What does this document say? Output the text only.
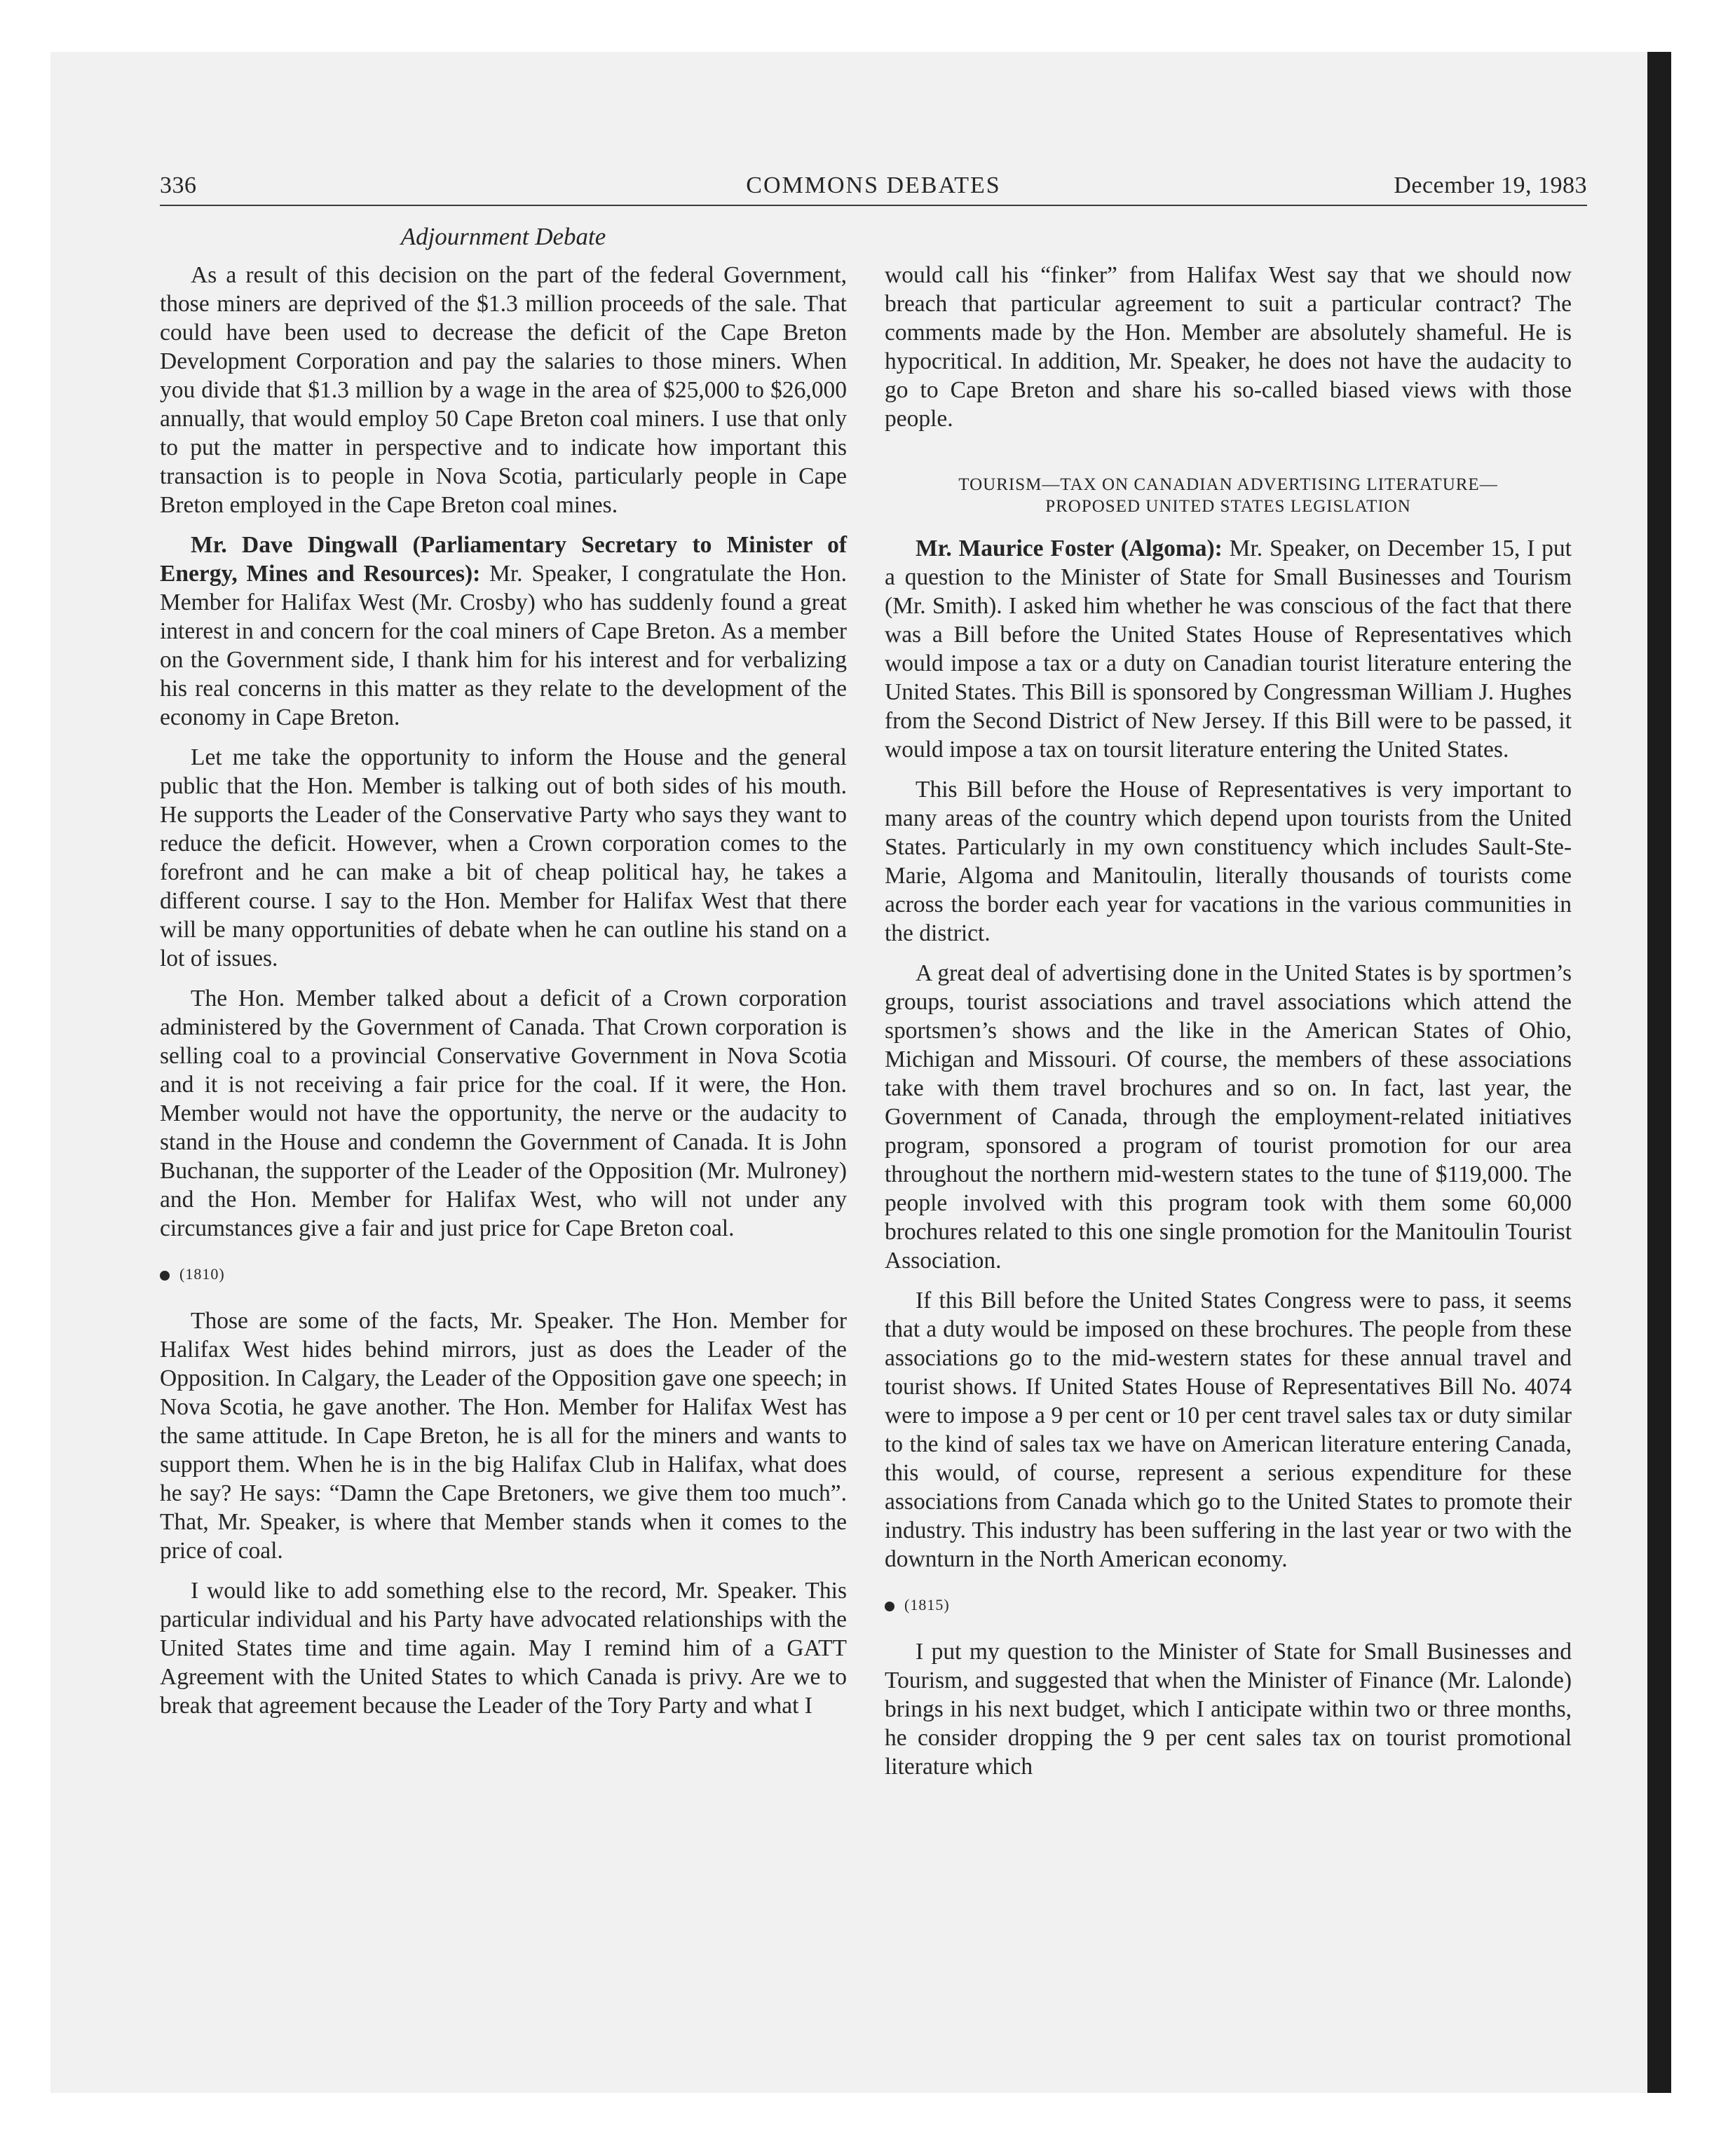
336	COMMONS DEBATES	December 19, 1983
Adjournment Debate

As a result of this decision on the part of the federal Government, those miners are deprived of the $1.3 million proceeds of the sale. That could have been used to decrease the deficit of the Cape Breton Development Corporation and pay the salaries to those miners. When you divide that $1.3 million by a wage in the area of $25,000 to $26,000 annually, that would employ 50 Cape Breton coal miners. I use that only to put the matter in perspective and to indicate how important this transaction is to people in Nova Scotia, particularly people in Cape Breton employed in the Cape Breton coal mines.

Mr. Dave Dingwall (Parliamentary Secretary to Minister of Energy, Mines and Resources): Mr. Speaker, I congratulate the Hon. Member for Halifax West (Mr. Crosby) who has suddenly found a great interest in and concern for the coal miners of Cape Breton. As a member on the Government side, I thank him for his interest and for verbalizing his real concerns in this matter as they relate to the development of the economy in Cape Breton.

Let me take the opportunity to inform the House and the general public that the Hon. Member is talking out of both sides of his mouth. He supports the Leader of the Conservative Party who says they want to reduce the deficit. However, when a Crown corporation comes to the forefront and he can make a bit of cheap political hay, he takes a different course. I say to the Hon. Member for Halifax West that there will be many opportunities of debate when he can outline his stand on a lot of issues.

The Hon. Member talked about a deficit of a Crown corporation administered by the Government of Canada. That Crown corporation is selling coal to a provincial Conservative Government in Nova Scotia and it is not receiving a fair price for the coal. If it were, the Hon. Member would not have the opportunity, the nerve or the audacity to stand in the House and condemn the Government of Canada. It is John Buchanan, the supporter of the Leader of the Opposition (Mr. Mulroney) and the Hon. Member for Halifax West, who will not under any circumstances give a fair and just price for Cape Breton coal.

(1810)

Those are some of the facts, Mr. Speaker. The Hon. Member for Halifax West hides behind mirrors, just as does the Leader of the Opposition. In Calgary, the Leader of the Opposition gave one speech; in Nova Scotia, he gave another. The Hon. Member for Halifax West has the same attitude. In Cape Breton, he is all for the miners and wants to support them. When he is in the big Halifax Club in Halifax, what does he say? He says: “Damn the Cape Bretoners, we give them too much”. That, Mr. Speaker, is where that Member stands when it comes to the price of coal.

I would like to add something else to the record, Mr. Speaker. This particular individual and his Party have advocated relationships with the United States time and time again. May I remind him of a GATT Agreement with the United States to which Canada is privy. Are we to break that agreement because the Leader of the Tory Party and what I

would call his “finker” from Halifax West say that we should now breach that particular agreement to suit a particular contract? The comments made by the Hon. Member are absolutely shameful. He is hypocritical. In addition, Mr. Speaker, he does not have the audacity to go to Cape Breton and share his so-called biased views with those people.

TOURISM—TAX ON CANADIAN ADVERTISING LITERATURE—
PROPOSED UNITED STATES LEGISLATION

Mr. Maurice Foster (Algoma): Mr. Speaker, on December 15, I put a question to the Minister of State for Small Businesses and Tourism (Mr. Smith). I asked him whether he was conscious of the fact that there was a Bill before the United States House of Representatives which would impose a tax or a duty on Canadian tourist literature entering the United States. This Bill is sponsored by Congressman William J. Hughes from the Second District of New Jersey. If this Bill were to be passed, it would impose a tax on toursit literature entering the United States.

This Bill before the House of Representatives is very important to many areas of the country which depend upon tourists from the United States. Particularly in my own constituency which includes Sault-Ste-Marie, Algoma and Manitoulin, literally thousands of tourists come across the border each year for vacations in the various communities in the district.

A great deal of advertising done in the United States is by sportmen’s groups, tourist associations and travel associations which attend the sportsmen’s shows and the like in the American States of Ohio, Michigan and Missouri. Of course, the members of these associations take with them travel brochures and so on. In fact, last year, the Government of Canada, through the employment-related initiatives program, sponsored a program of tourist promotion for our area throughout the northern mid-western states to the tune of $119,000. The people involved with this program took with them some 60,000 brochures related to this one single promotion for the Manitoulin Tourist Association.

If this Bill before the United States Congress were to pass, it seems that a duty would be imposed on these brochures. The people from these associations go to the mid-western states for these annual travel and tourist shows. If United States House of Representatives Bill No. 4074 were to impose a 9 per cent or 10 per cent travel sales tax or duty similar to the kind of sales tax we have on American literature entering Canada, this would, of course, represent a serious expenditure for these associations from Canada which go to the United States to promote their industry. This industry has been suffering in the last year or two with the downturn in the North American economy.

(1815)

I put my question to the Minister of State for Small Businesses and Tourism, and suggested that when the Minister of Finance (Mr. Lalonde) brings in his next budget, which I anticipate within two or three months, he consider dropping the 9 per cent sales tax on tourist promotional literature which
